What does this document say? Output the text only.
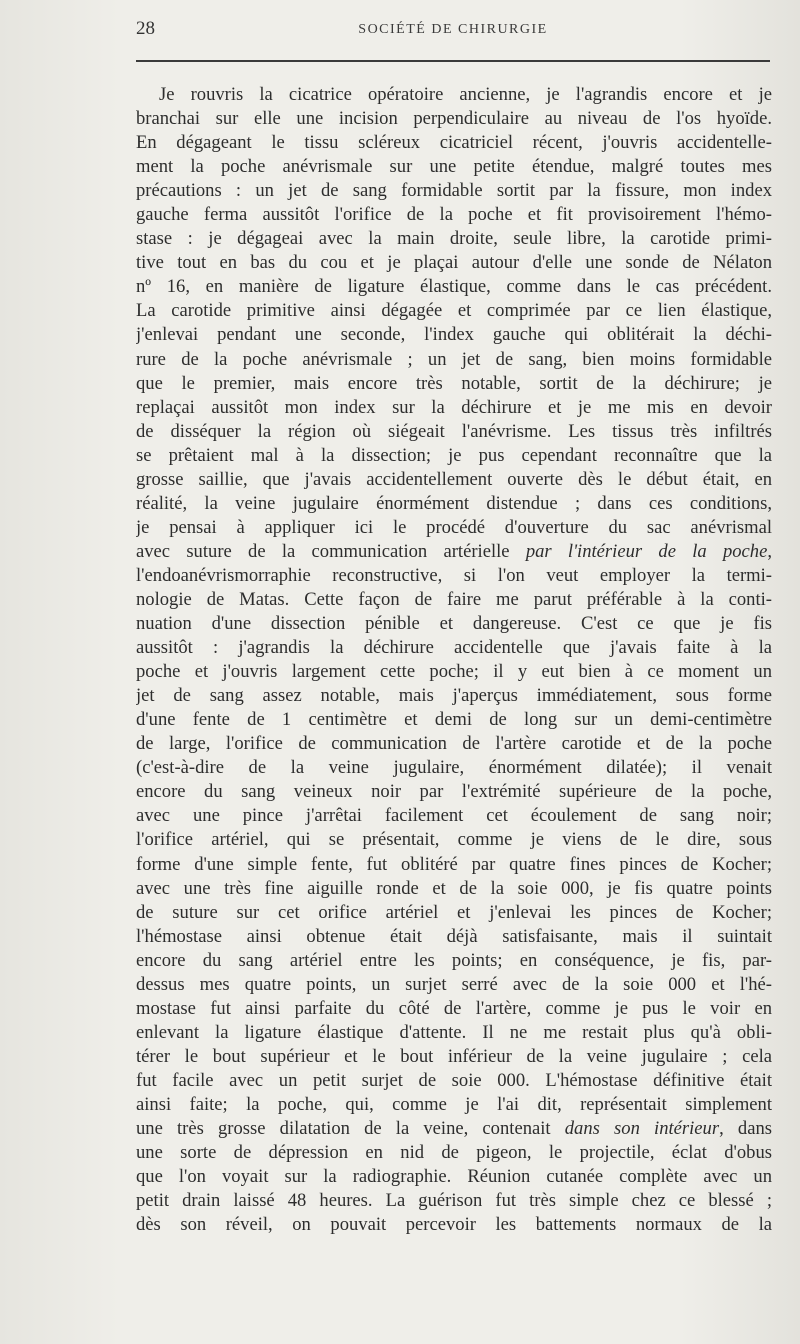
28	SOCIÉTÉ DE CHIRURGIE
Je rouvris la cicatrice opératoire ancienne, je l'agrandis encore et je
branchai sur elle une incision perpendiculaire au niveau de l'os hyoïde.
En dégageant le tissu scléreux cicatriciel récent, j'ouvris accidentelle-
ment la poche anévrismale sur une petite étendue, malgré toutes mes
précautions : un jet de sang formidable sortit par la fissure, mon index
gauche ferma aussitôt l'orifice de la poche et fit provisoirement l'hémo-
stase : je dégageai avec la main droite, seule libre, la carotide primi-
tive tout en bas du cou et je plaçai autour d'elle une sonde de Nélaton
nº 16, en manière de ligature élastique, comme dans le cas précédent.
La carotide primitive ainsi dégagée et comprimée par ce lien élastique,
j'enlevai pendant une seconde, l'index gauche qui oblitérait la déchi-
rure de la poche anévrismale ; un jet de sang, bien moins formidable
que le premier, mais encore très notable, sortit de la déchirure; je
replaçai aussitôt mon index sur la déchirure et je me mis en devoir
de disséquer la région où siégeait l'anévrisme. Les tissus très infiltrés
se prêtaient mal à la dissection; je pus cependant reconnaître que la
grosse saillie, que j'avais accidentellement ouverte dès le début était, en
réalité, la veine jugulaire énormément distendue ; dans ces conditions,
je pensai à appliquer ici le procédé d'ouverture du sac anévrismal
avec suture de la communication artérielle par l'intérieur de la poche,
l'endoanévrismorraphie reconstructive, si l'on veut employer la termi-
nologie de Matas. Cette façon de faire me parut préférable à la conti-
nuation d'une dissection pénible et dangereuse. C'est ce que je fis
aussitôt : j'agrandis la déchirure accidentelle que j'avais faite à la
poche et j'ouvris largement cette poche; il y eut bien à ce moment un
jet de sang assez notable, mais j'aperçus immédiatement, sous forme
d'une fente de 1 centimètre et demi de long sur un demi-centimètre
de large, l'orifice de communication de l'artère carotide et de la poche
(c'est-à-dire de la veine jugulaire, énormément dilatée); il venait
encore du sang veineux noir par l'extrémité supérieure de la poche,
avec une pince j'arrêtai facilement cet écoulement de sang noir;
l'orifice artériel, qui se présentait, comme je viens de le dire, sous
forme d'une simple fente, fut oblitéré par quatre fines pinces de Kocher;
avec une très fine aiguille ronde et de la soie 000, je fis quatre points
de suture sur cet orifice artériel et j'enlevai les pinces de Kocher;
l'hémostase ainsi obtenue était déjà satisfaisante, mais il suintait
encore du sang artériel entre les points; en conséquence, je fis, par-
dessus mes quatre points, un surjet serré avec de la soie 000 et l'hé-
mostase fut ainsi parfaite du côté de l'artère, comme je pus le voir en
enlevant la ligature élastique d'attente. Il ne me restait plus qu'à obli-
térer le bout supérieur et le bout inférieur de la veine jugulaire ; cela
fut facile avec un petit surjet de soie 000. L'hémostase définitive était
ainsi faite; la poche, qui, comme je l'ai dit, représentait simplement
une très grosse dilatation de la veine, contenait dans son intérieur, dans
une sorte de dépression en nid de pigeon, le projectile, éclat d'obus
que l'on voyait sur la radiographie. Réunion cutanée complète avec un
petit drain laissé 48 heures. La guérison fut très simple chez ce blessé ;
dès son réveil, on pouvait percevoir les battements normaux de la
